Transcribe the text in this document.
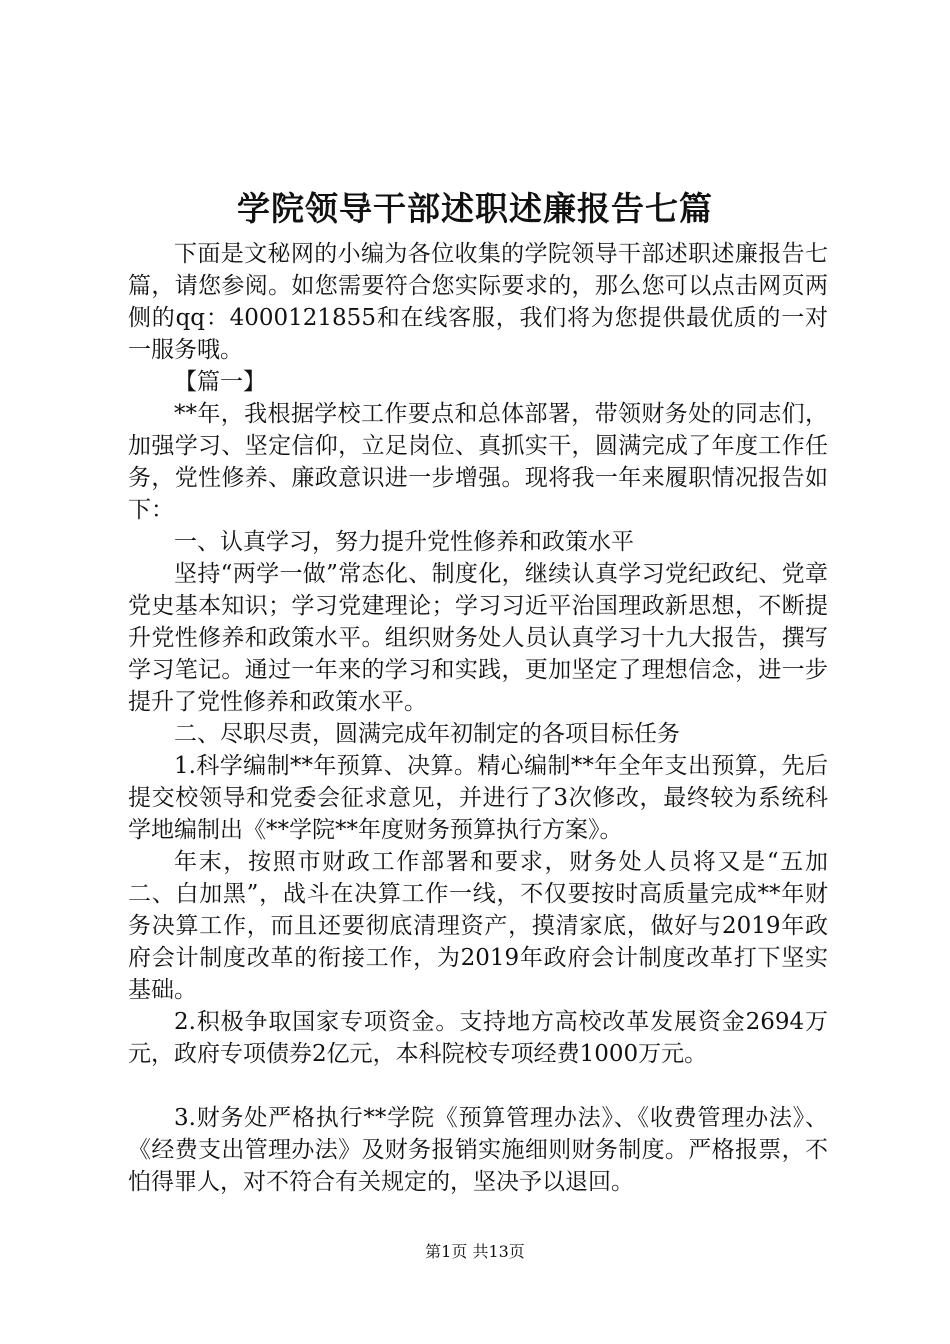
学院领导干部述职述廉报告七篇

下面是文秘网的小编为各位收集的学院领导干部述职述廉报告七篇，请您参阅。如您需要符合您实际要求的，那么您可以点击网页两侧的qq：4000121855和在线客服，我们将为您提供最优质的一对一服务哦。

【篇一】

**年，我根据学校工作要点和总体部署，带领财务处的同志们，加强学习、坚定信仰，立足岗位、真抓实干，圆满完成了年度工作任务，党性修养、廉政意识进一步增强。现将我一年来履职情况报告如下：

一、认真学习，努力提升党性修养和政策水平

坚持“两学一做”常态化、制度化，继续认真学习党纪政纪、党章党史基本知识；学习党建理论；学习习近平治国理政新思想，不断提升党性修养和政策水平。组织财务处人员认真学习十九大报告，撰写学习笔记。通过一年来的学习和实践，更加坚定了理想信念，进一步提升了党性修养和政策水平。

二、尽职尽责，圆满完成年初制定的各项目标任务

1.科学编制**年预算、决算。精心编制**年全年支出预算，先后提交校领导和党委会征求意见，并进行了3次修改，最终较为系统科学地编制出《**学院**年度财务预算执行方案》。

年末，按照市财政工作部署和要求，财务处人员将又是“五加二、白加黑”，战斗在决算工作一线，不仅要按时高质量完成**年财务决算工作，而且还要彻底清理资产，摸清家底，做好与2019年政府会计制度改革的衔接工作，为2019年政府会计制度改革打下坚实基础。

2.积极争取国家专项资金。支持地方高校改革发展资金2694万元，政府专项债券2亿元，本科院校专项经费1000万元。

3.财务处严格执行**学院《预算管理办法》、《收费管理办法》、《经费支出管理办法》及财务报销实施细则财务制度。严格报票，不怕得罪人，对不符合有关规定的，坚决予以退回。

第1页 共13页
